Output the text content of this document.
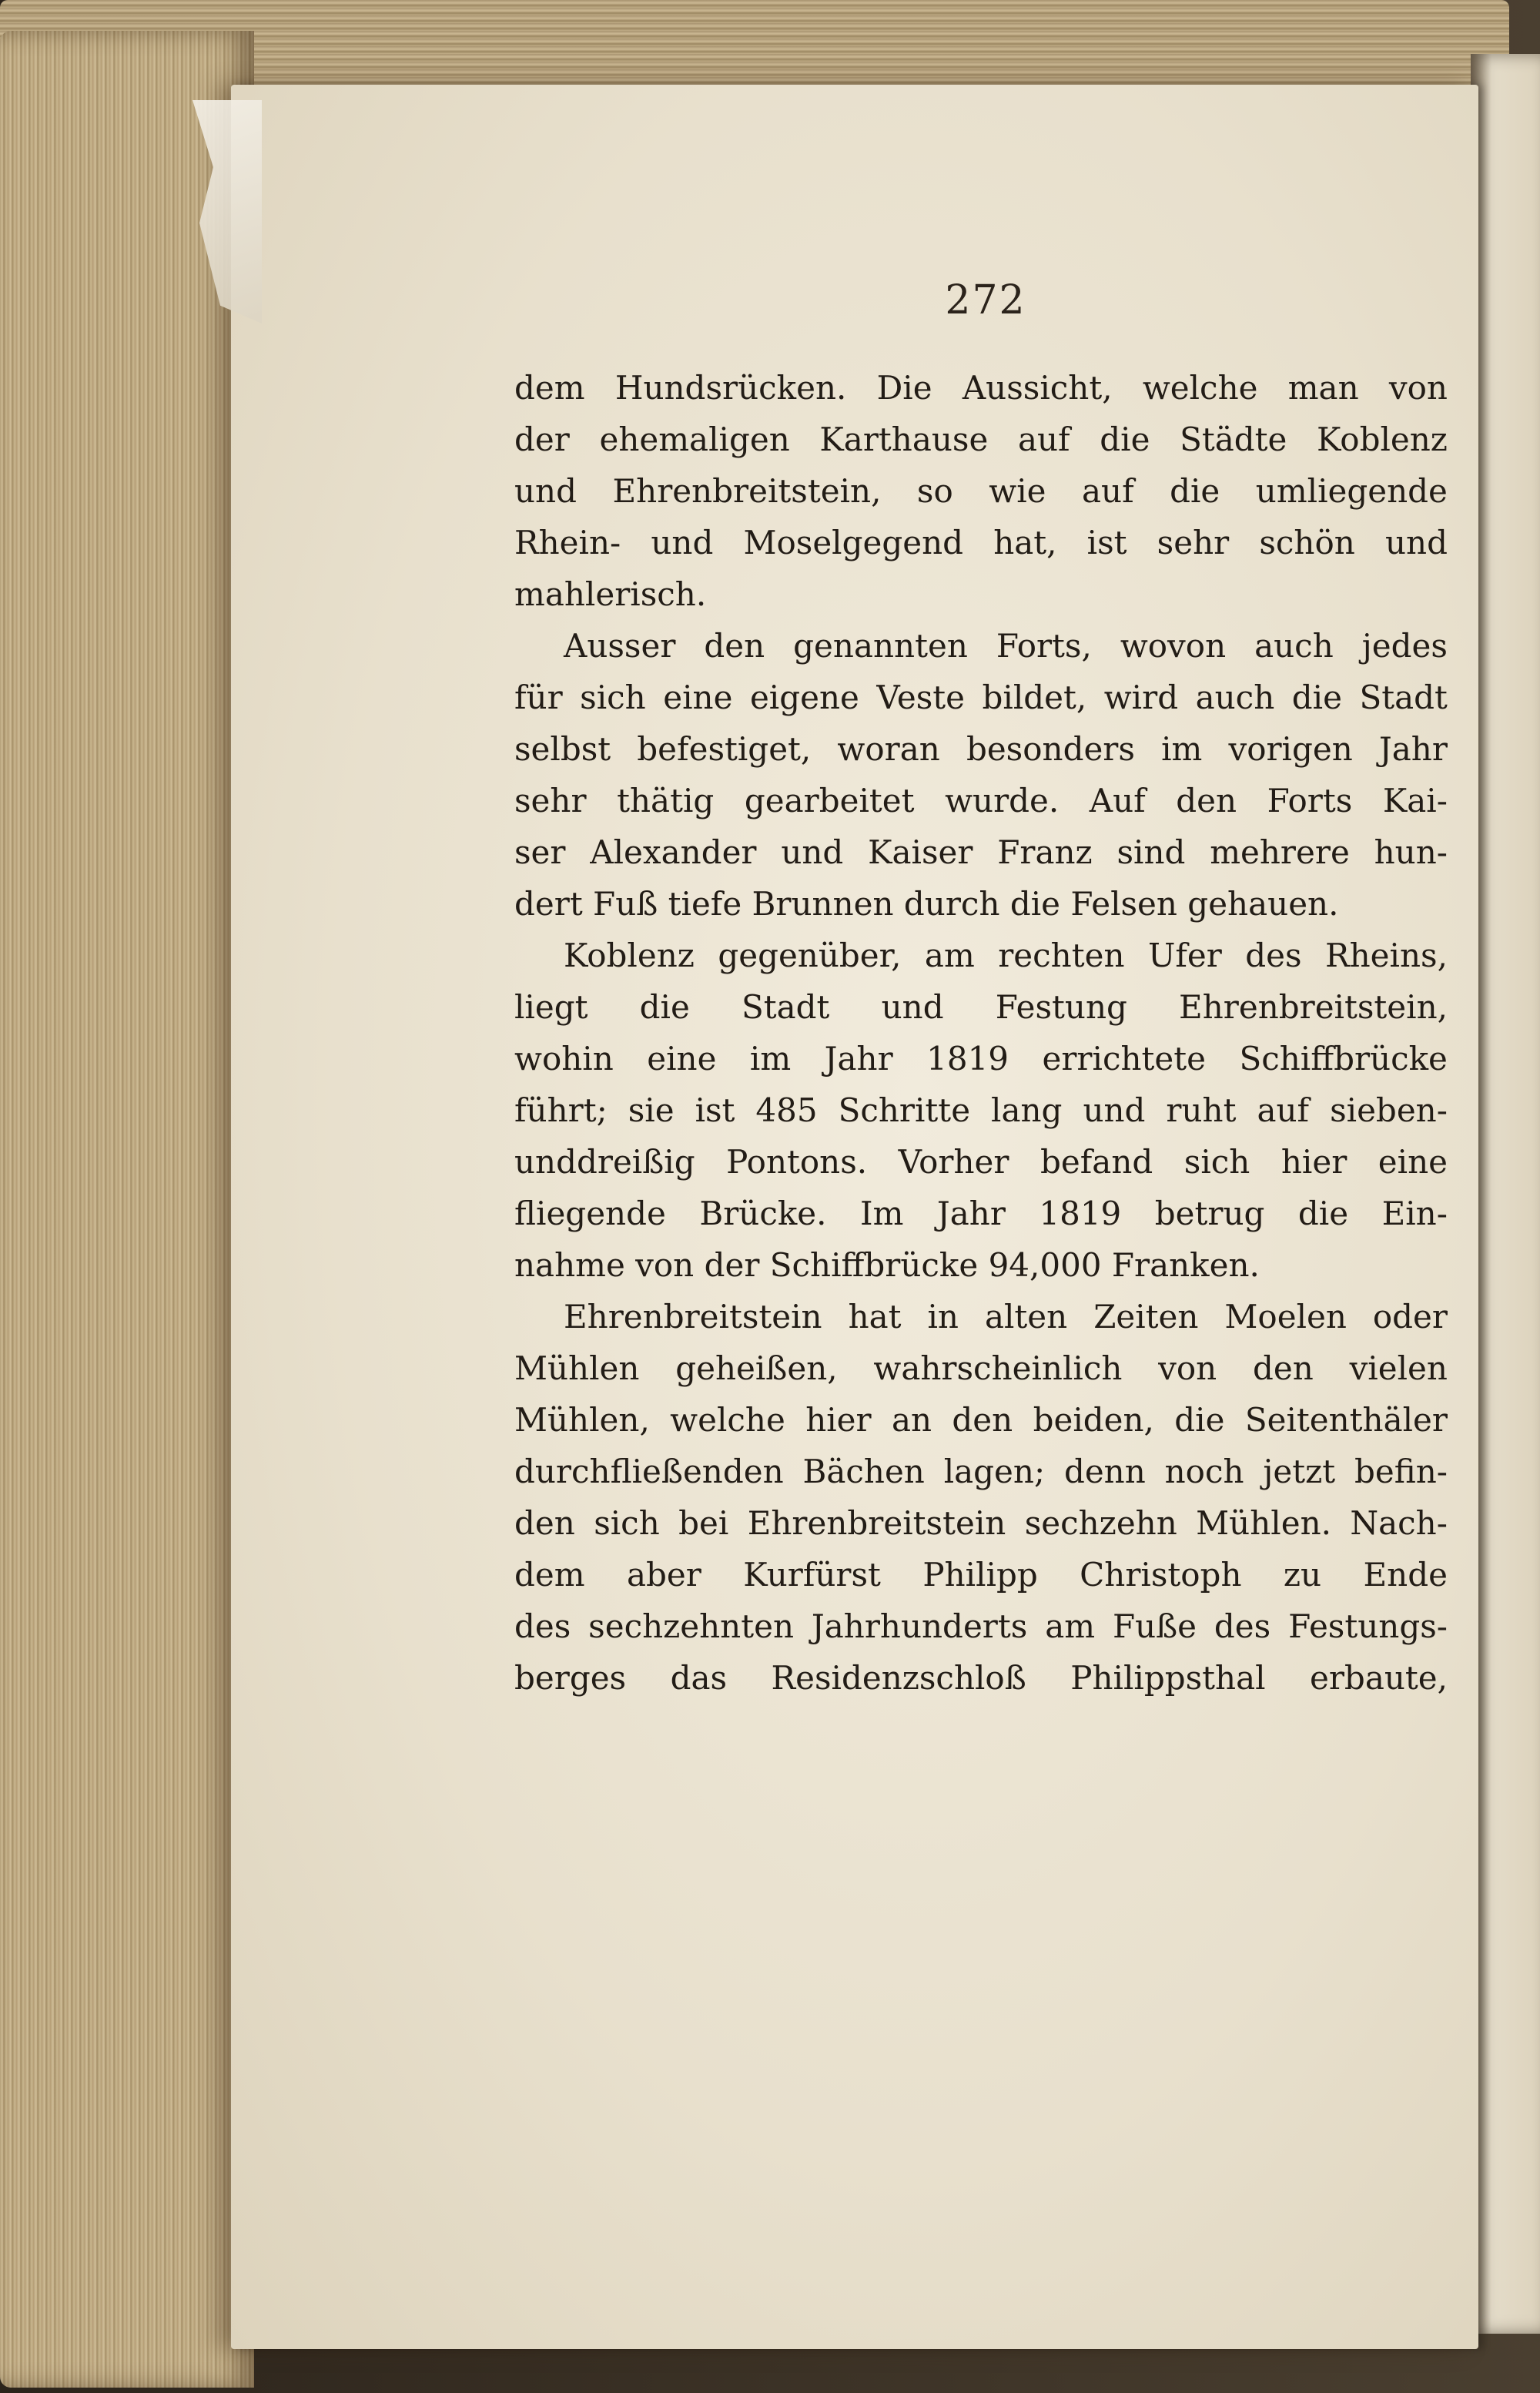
272
dem Hundsrücken. Die Aussicht, welche man von
der ehemaligen Karthause auf die Städte Koblenz
und Ehrenbreitstein, so wie auf die umliegende
Rhein- und Moselgegend hat, ist sehr schön und
mahlerisch.
Ausser den genannten Forts, wovon auch jedes
für sich eine eigene Veste bildet, wird auch die Stadt
selbst befestiget, woran besonders im vorigen Jahr
sehr thätig gearbeitet wurde. Auf den Forts Kai-
ser Alexander und Kaiser Franz sind mehrere hun-
dert Fuß tiefe Brunnen durch die Felsen gehauen.
Koblenz gegenüber, am rechten Ufer des Rheins,
liegt die Stadt und Festung Ehrenbreitstein,
wohin eine im Jahr 1819 errichtete Schiffbrücke
führt; sie ist 485 Schritte lang und ruht auf sieben-
unddreißig Pontons. Vorher befand sich hier eine
fliegende Brücke. Im Jahr 1819 betrug die Ein-
nahme von der Schiffbrücke 94,000 Franken.
Ehrenbreitstein hat in alten Zeiten Moelen oder
Mühlen geheißen, wahrscheinlich von den vielen
Mühlen, welche hier an den beiden, die Seitenthäler
durchfließenden Bächen lagen; denn noch jetzt befin-
den sich bei Ehrenbreitstein sechzehn Mühlen. Nach-
dem aber Kurfürst Philipp Christoph zu Ende
des sechzehnten Jahrhunderts am Fuße des Festungs-
berges das Residenzschloß Philippsthal erbaute,
